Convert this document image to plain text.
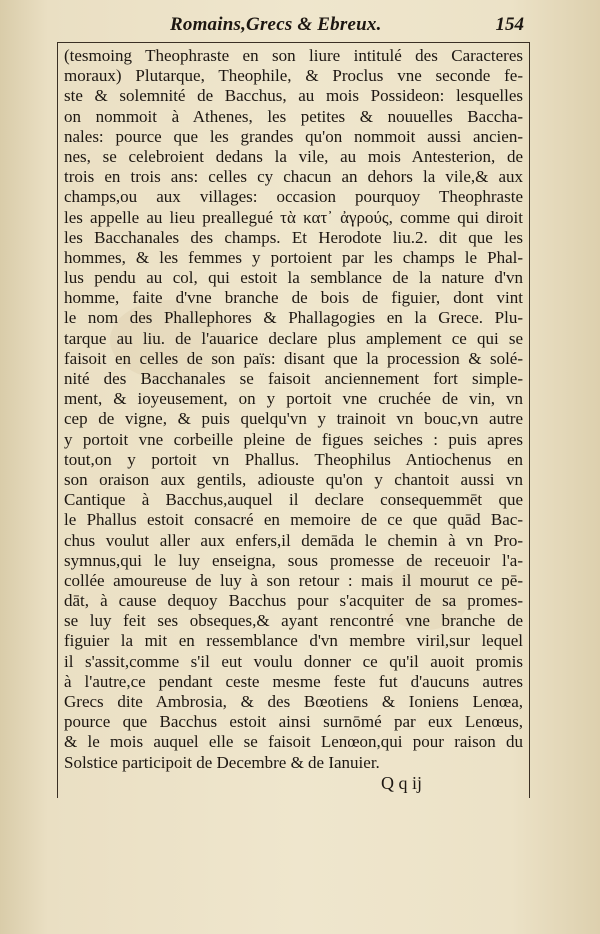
Romains,Grecs & Ebreux.	154
(tesmoing Theophraste en son liure intitulé des Caracteres
moraux) Plutarque, Theophile, & Proclus vne seconde fe-
ste & solemnité de Bacchus, au mois Possideon: lesquelles
on nommoit à Athenes, les petites & nouuelles Baccha-
nales: pource que les grandes qu'on nommoit aussi ancien-
nes, se celebroient dedans la vile, au mois Antesterion, de
trois en trois ans: celles cy chacun an dehors la vile,& aux
champs,ou aux villages: occasion pourquoy Theophraste
les appelle au lieu preallegué τὰ κατ᾽ ἀγρούς, comme qui diroit
les Bacchanales des champs. Et Herodote liu.2. dit que les
hommes, & les femmes y portoient par les champs le Phal-
lus pendu au col, qui estoit la semblance de la nature d'vn
homme, faite d'vne branche de bois de figuier, dont vint
le nom des Phallephores & Phallagogies en la Grece. Plu-
tarque au liu. de l'auarice declare plus amplement ce qui se
faisoit en celles de son païs: disant que la procession & solé-
nité des Bacchanales se faisoit anciennement fort simple-
ment, & ioyeusement, on y portoit vne cruchée de vin, vn
cep de vigne, & puis quelqu'vn y trainoit vn bouc,vn autre
y portoit vne corbeille pleine de figues seiches : puis apres
tout,on y portoit vn Phallus. Theophilus Antiochenus en
son oraison aux gentils, adiouste qu'on y chantoit aussi vn
Cantique à Bacchus,auquel il declare consequemmēt que
le Phallus estoit consacré en memoire de ce que quād Bac-
chus voulut aller aux enfers,il demāda le chemin à vn Pro-
symnus,qui le luy enseigna, sous promesse de receuoir l'a-
collée amoureuse de luy à son retour : mais il mourut ce pē-
dāt, à cause dequoy Bacchus pour s'acquiter de sa promes-
se luy feit ses obseques,& ayant rencontré vne branche de
figuier la mit en ressemblance d'vn membre viril,sur lequel
il s'assit,comme s'il eut voulu donner ce qu'il auoit promis
à l'autre,ce pendant ceste mesme feste fut d'aucuns autres
Grecs dite Ambrosia, & des Bœotiens & Ioniens Lenœa,
pource que Bacchus estoit ainsi surnōmé par eux Lenœus,
& le mois auquel elle se faisoit Lenœon,qui pour raison du
Solstice participoit de Decembre & de Ianuier.
Q q ij
